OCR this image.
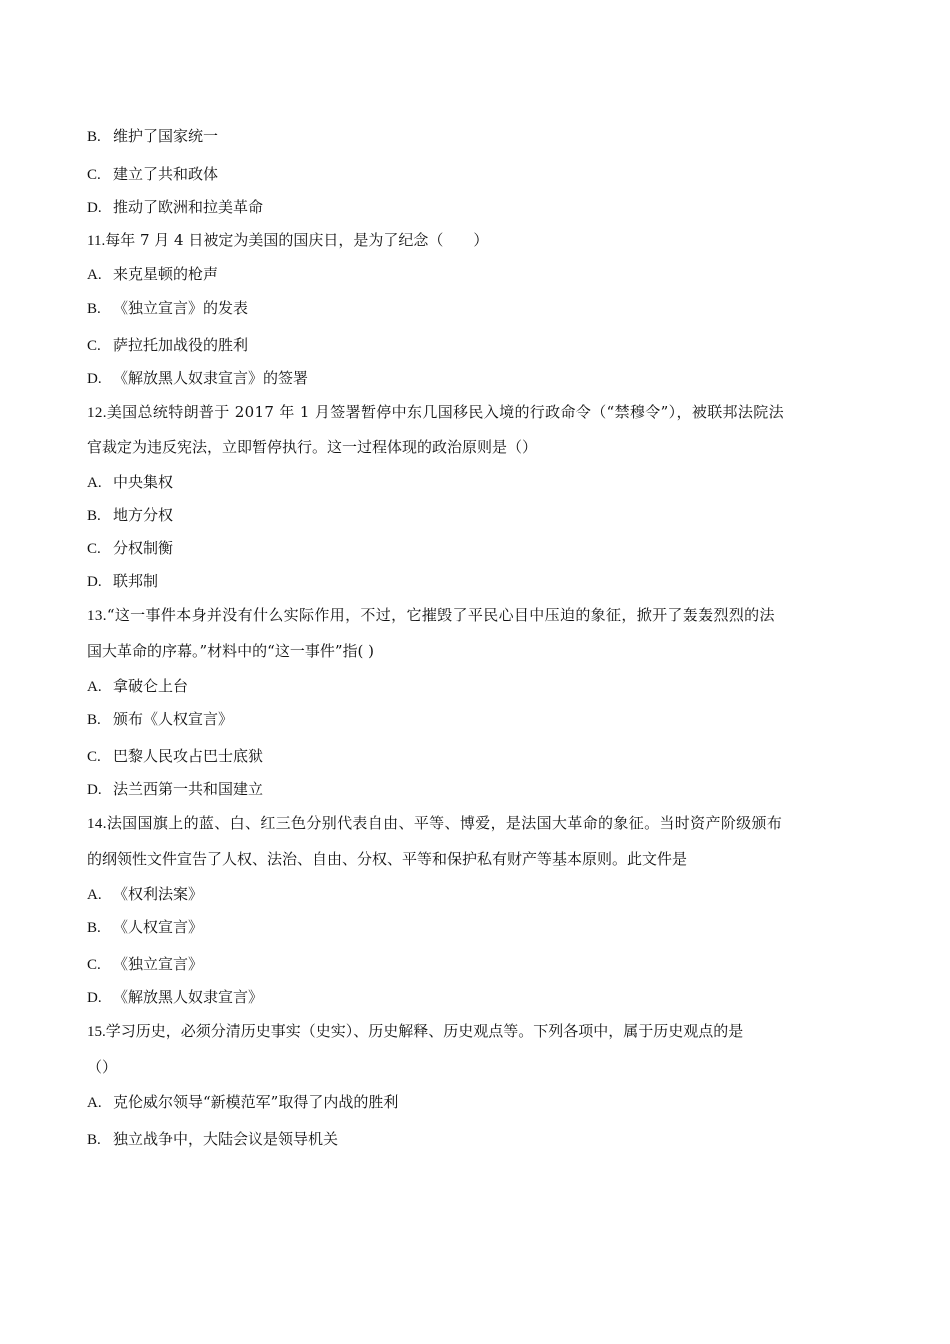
B. 维护了国家统一
C. 建立了共和政体
D. 推动了欧洲和拉美革命
11.每年 7 月 4 日被定为美国的国庆日，是为了纪念（　　）
A. 来克星顿的枪声
B. 《独立宣言》的发表
C. 萨拉托加战役的胜利
D. 《解放黑人奴隶宣言》的签署
12.美国总统特朗普于 2017 年 1 月签署暂停中东几国移民入境的行政命令（“禁穆令”），被联邦法院法
官裁定为违反宪法，立即暂停执行。这一过程体现的政治原则是（）
A. 中央集权
B. 地方分权
C. 分权制衡
D. 联邦制
13.“这一事件本身并没有什么实际作用，不过，它摧毁了平民心目中压迫的象征，掀开了轰轰烈烈的法
国大革命的序幕。”材料中的“这一事件”指( )
A. 拿破仑上台
B. 颁布《人权宣言》
C. 巴黎人民攻占巴士底狱
D. 法兰西第一共和国建立
14.法国国旗上的蓝、白、红三色分别代表自由、平等、博爱，是法国大革命的象征。当时资产阶级颁布
的纲领性文件宣告了人权、法治、自由、分权、平等和保护私有财产等基本原则。此文件是
A. 《权利法案》
B. 《人权宣言》
C. 《独立宣言》
D. 《解放黑人奴隶宣言》
15.学习历史，必须分清历史事实（史实）、历史解释、历史观点等。下列各项中，属于历史观点的是
（）
A. 克伦威尔领导“新模范军”取得了内战的胜利
B. 独立战争中，大陆会议是领导机关
